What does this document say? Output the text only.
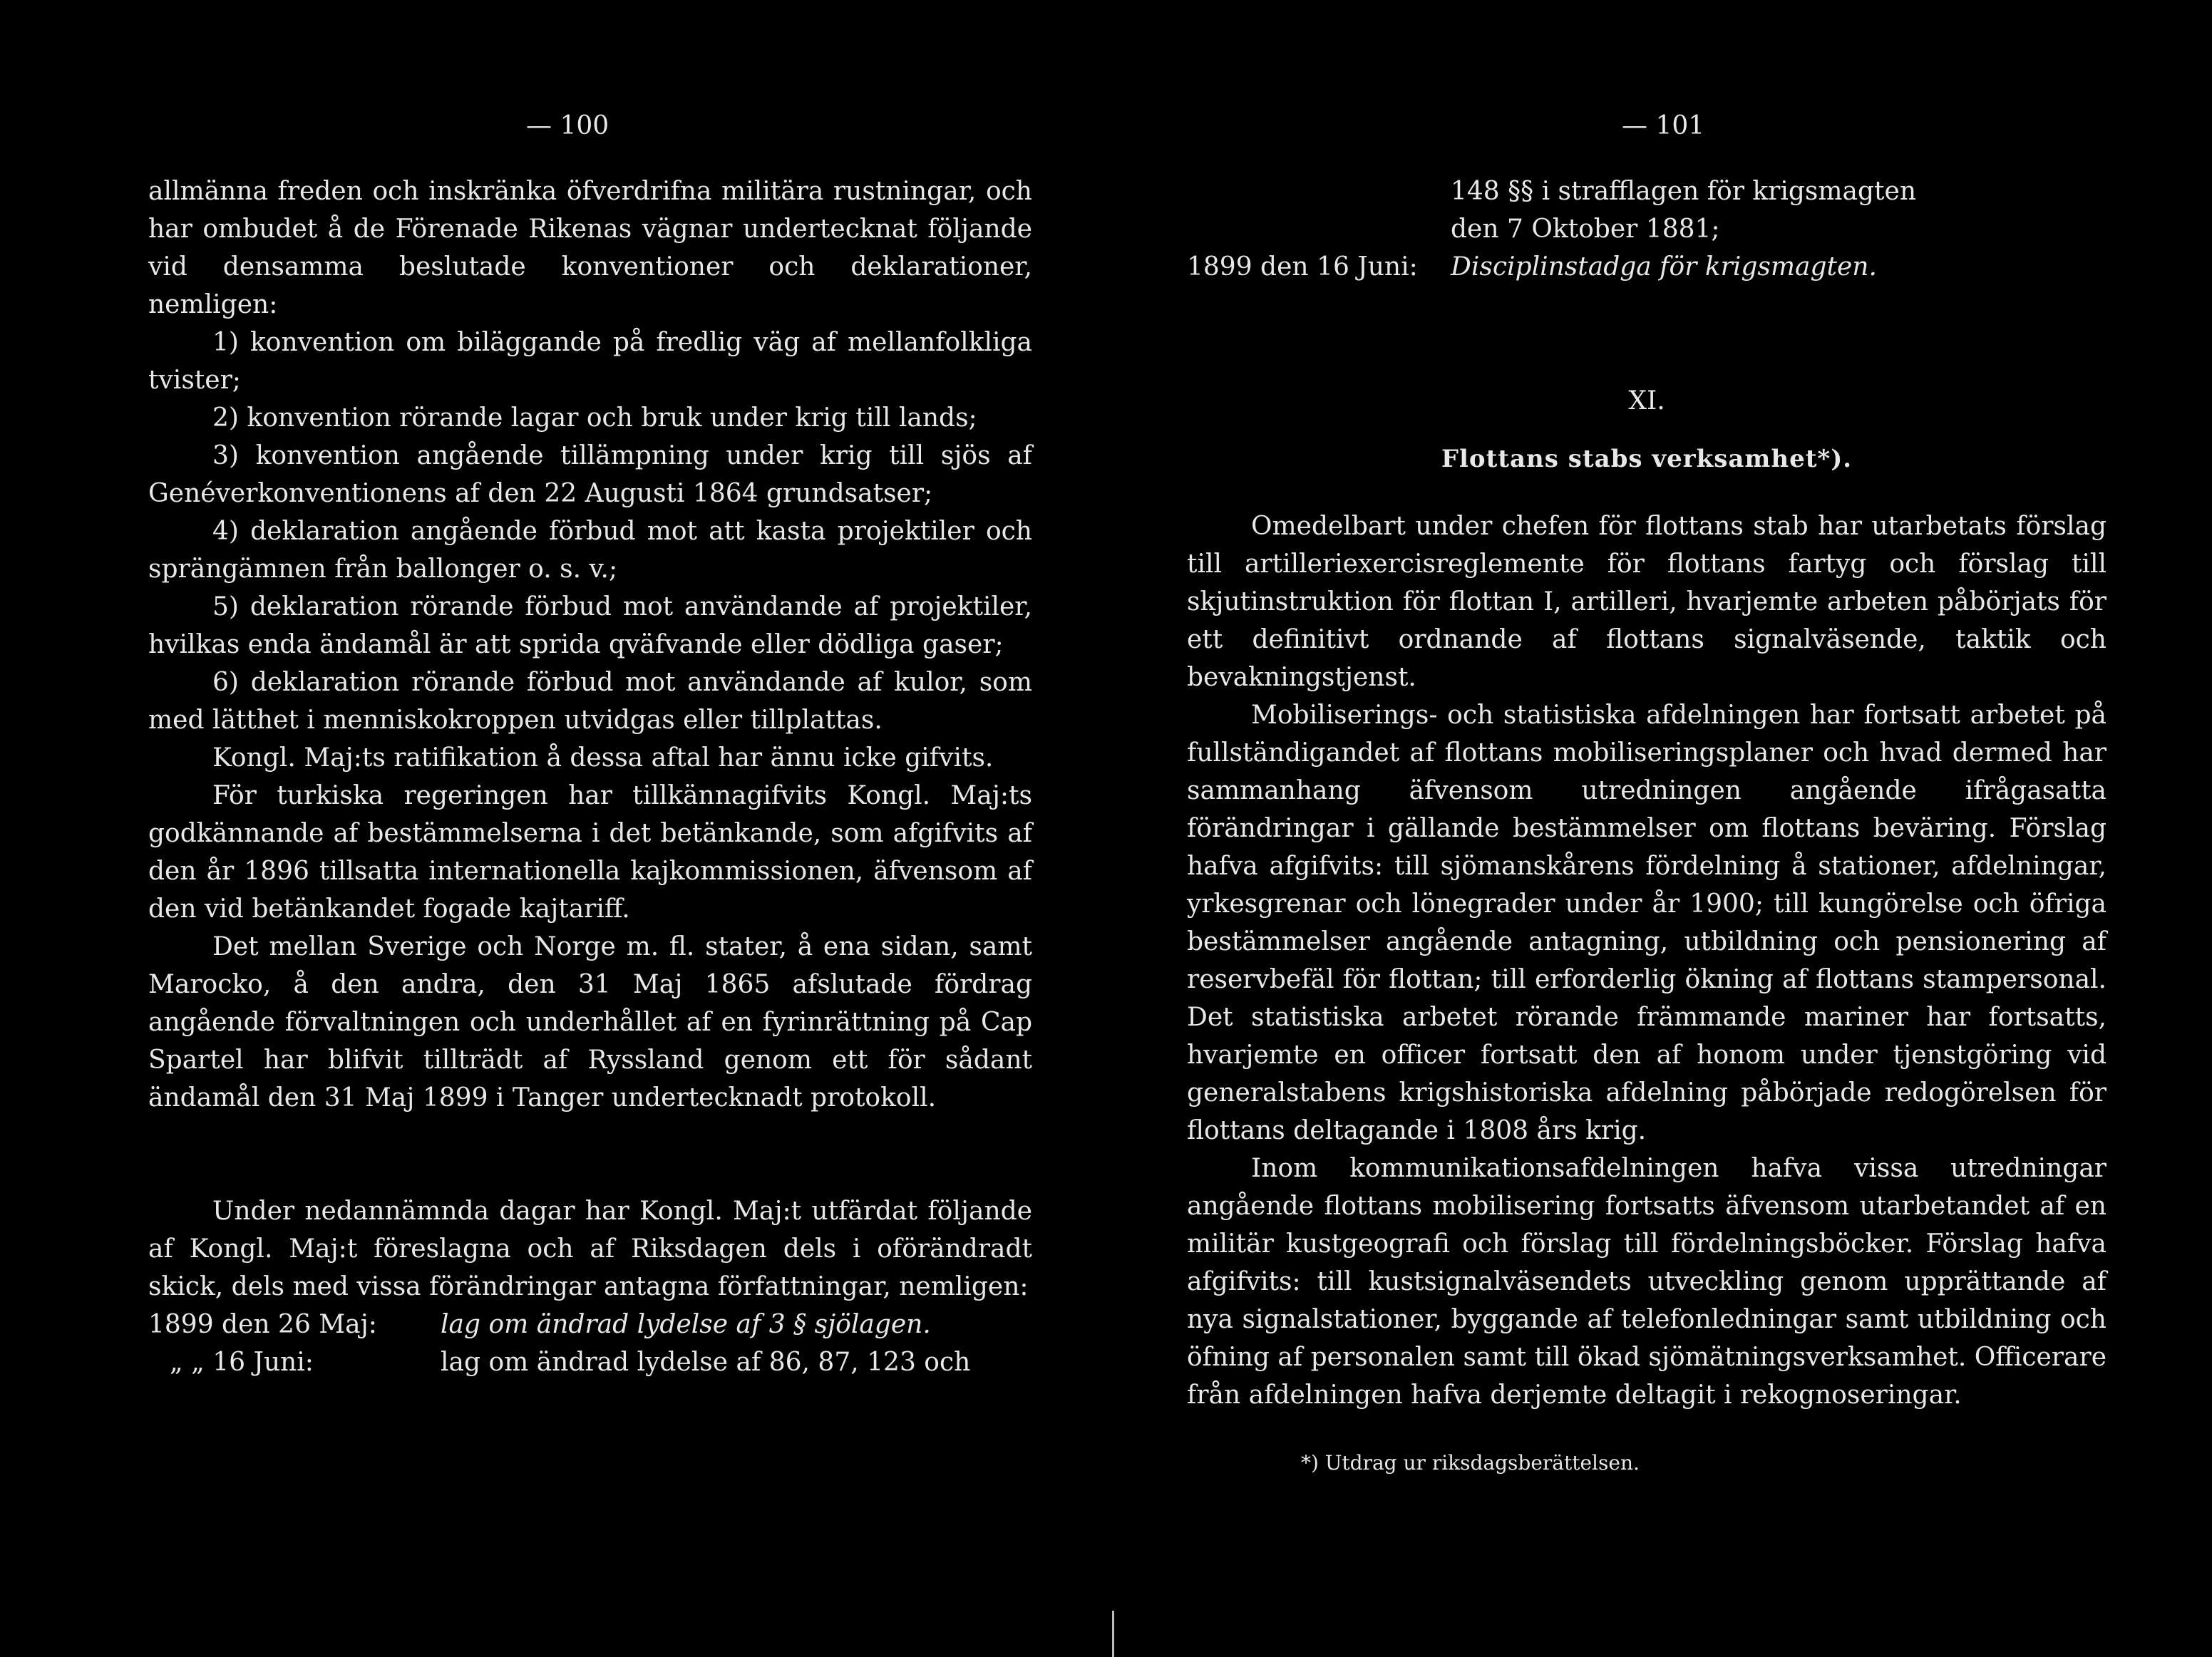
— 100

allmänna freden och inskränka öfverdrifna militära rustningar, och har ombudet å de Förenade Rikenas vägnar undertecknat följande vid densamma beslutade konventioner och deklarationer, nemligen:

1) konvention om biläggande på fredlig väg af mellanfolkliga tvister;

2) konvention rörande lagar och bruk under krig till lands;

3) konvention angående tillämpning under krig till sjös af Genéverkonventionens af den 22 Augusti 1864 grundsatser;

4) deklaration angående förbud mot att kasta projektiler och sprängämnen från ballonger o. s. v.;

5) deklaration rörande förbud mot användande af projektiler, hvilkas enda ändamål är att sprida qväfvande eller dödliga gaser;

6) deklaration rörande förbud mot användande af kulor, som med lätthet i menniskokroppen utvidgas eller tillplattas.

Kongl. Maj:ts ratifikation å dessa aftal har ännu icke gifvits.

För turkiska regeringen har tillkännagifvits Kongl. Maj:ts godkännande af bestämmelserna i det betänkande, som afgifvits af den år 1896 tillsatta internationella kajkommissionen, äfvensom af den vid betänkandet fogade kajtariff.

Det mellan Sverige och Norge m. fl. stater, å ena sidan, samt Marocko, å den andra, den 31 Maj 1865 afslutade fördrag angående förvaltningen och underhållet af en fyrinrättning på Cap Spartel har blifvit tillträdt af Ryssland genom ett för sådant ändamål den 31 Maj 1899 i Tanger undertecknadt protokoll.

Under nedannämnda dagar har Kongl. Maj:t utfärdat följande af Kongl. Maj:t föreslagna och af Riksdagen dels i oförändradt skick, dels med vissa förändringar antagna författningar, nemligen:

1899 den 26 Maj:	lag om ändrad lydelse af 3 § sjölagen.
„ „ 16 Juni:	lag om ändrad lydelse af 86, 87, 123 och
— 101
148 §§ i strafflagen för krigsmagten
den 7 Oktober 1881;
1899 den 16 Juni:	Disciplinstadga för krigsmagten.
XI.
Flottans stabs verksamhet*).

Omedelbart under chefen för flottans stab har utarbetats förslag till artilleriexercisreglemente för flottans fartyg och förslag till skjutinstruktion för flottan I, artilleri, hvarjemte arbeten påbörjats för ett definitivt ordnande af flottans signalväsende, taktik och bevakningstjenst.

Mobiliserings- och statistiska afdelningen har fortsatt arbetet på fullständigandet af flottans mobiliseringsplaner och hvad dermed har sammanhang äfvensom utredningen angående ifrågasatta förändringar i gällande bestämmelser om flottans beväring. Förslag hafva afgifvits: till sjömanskårens fördelning å stationer, afdelningar, yrkesgrenar och lönegrader under år 1900; till kungörelse och öfriga bestämmelser angående antagning, utbildning och pensionering af reservbefäl för flottan; till erforderlig ökning af flottans stampersonal. Det statistiska arbetet rörande främmande mariner har fortsatts, hvarjemte en officer fortsatt den af honom under tjenstgöring vid generalstabens krigshistoriska afdelning påbörjade redogörelsen för flottans deltagande i 1808 års krig.

Inom kommunikationsafdelningen hafva vissa utredningar angående flottans mobilisering fortsatts äfvensom utarbetandet af en militär kustgeografi och förslag till fördelningsböcker. Förslag hafva afgifvits: till kustsignalväsendets utveckling genom upprättande af nya signalstationer, byggande af telefonledningar samt utbildning och öfning af personalen samt till ökad sjömätningsverksamhet. Officerare från afdelningen hafva derjemte deltagit i rekognoseringar.

*) Utdrag ur riksdagsberättelsen.
